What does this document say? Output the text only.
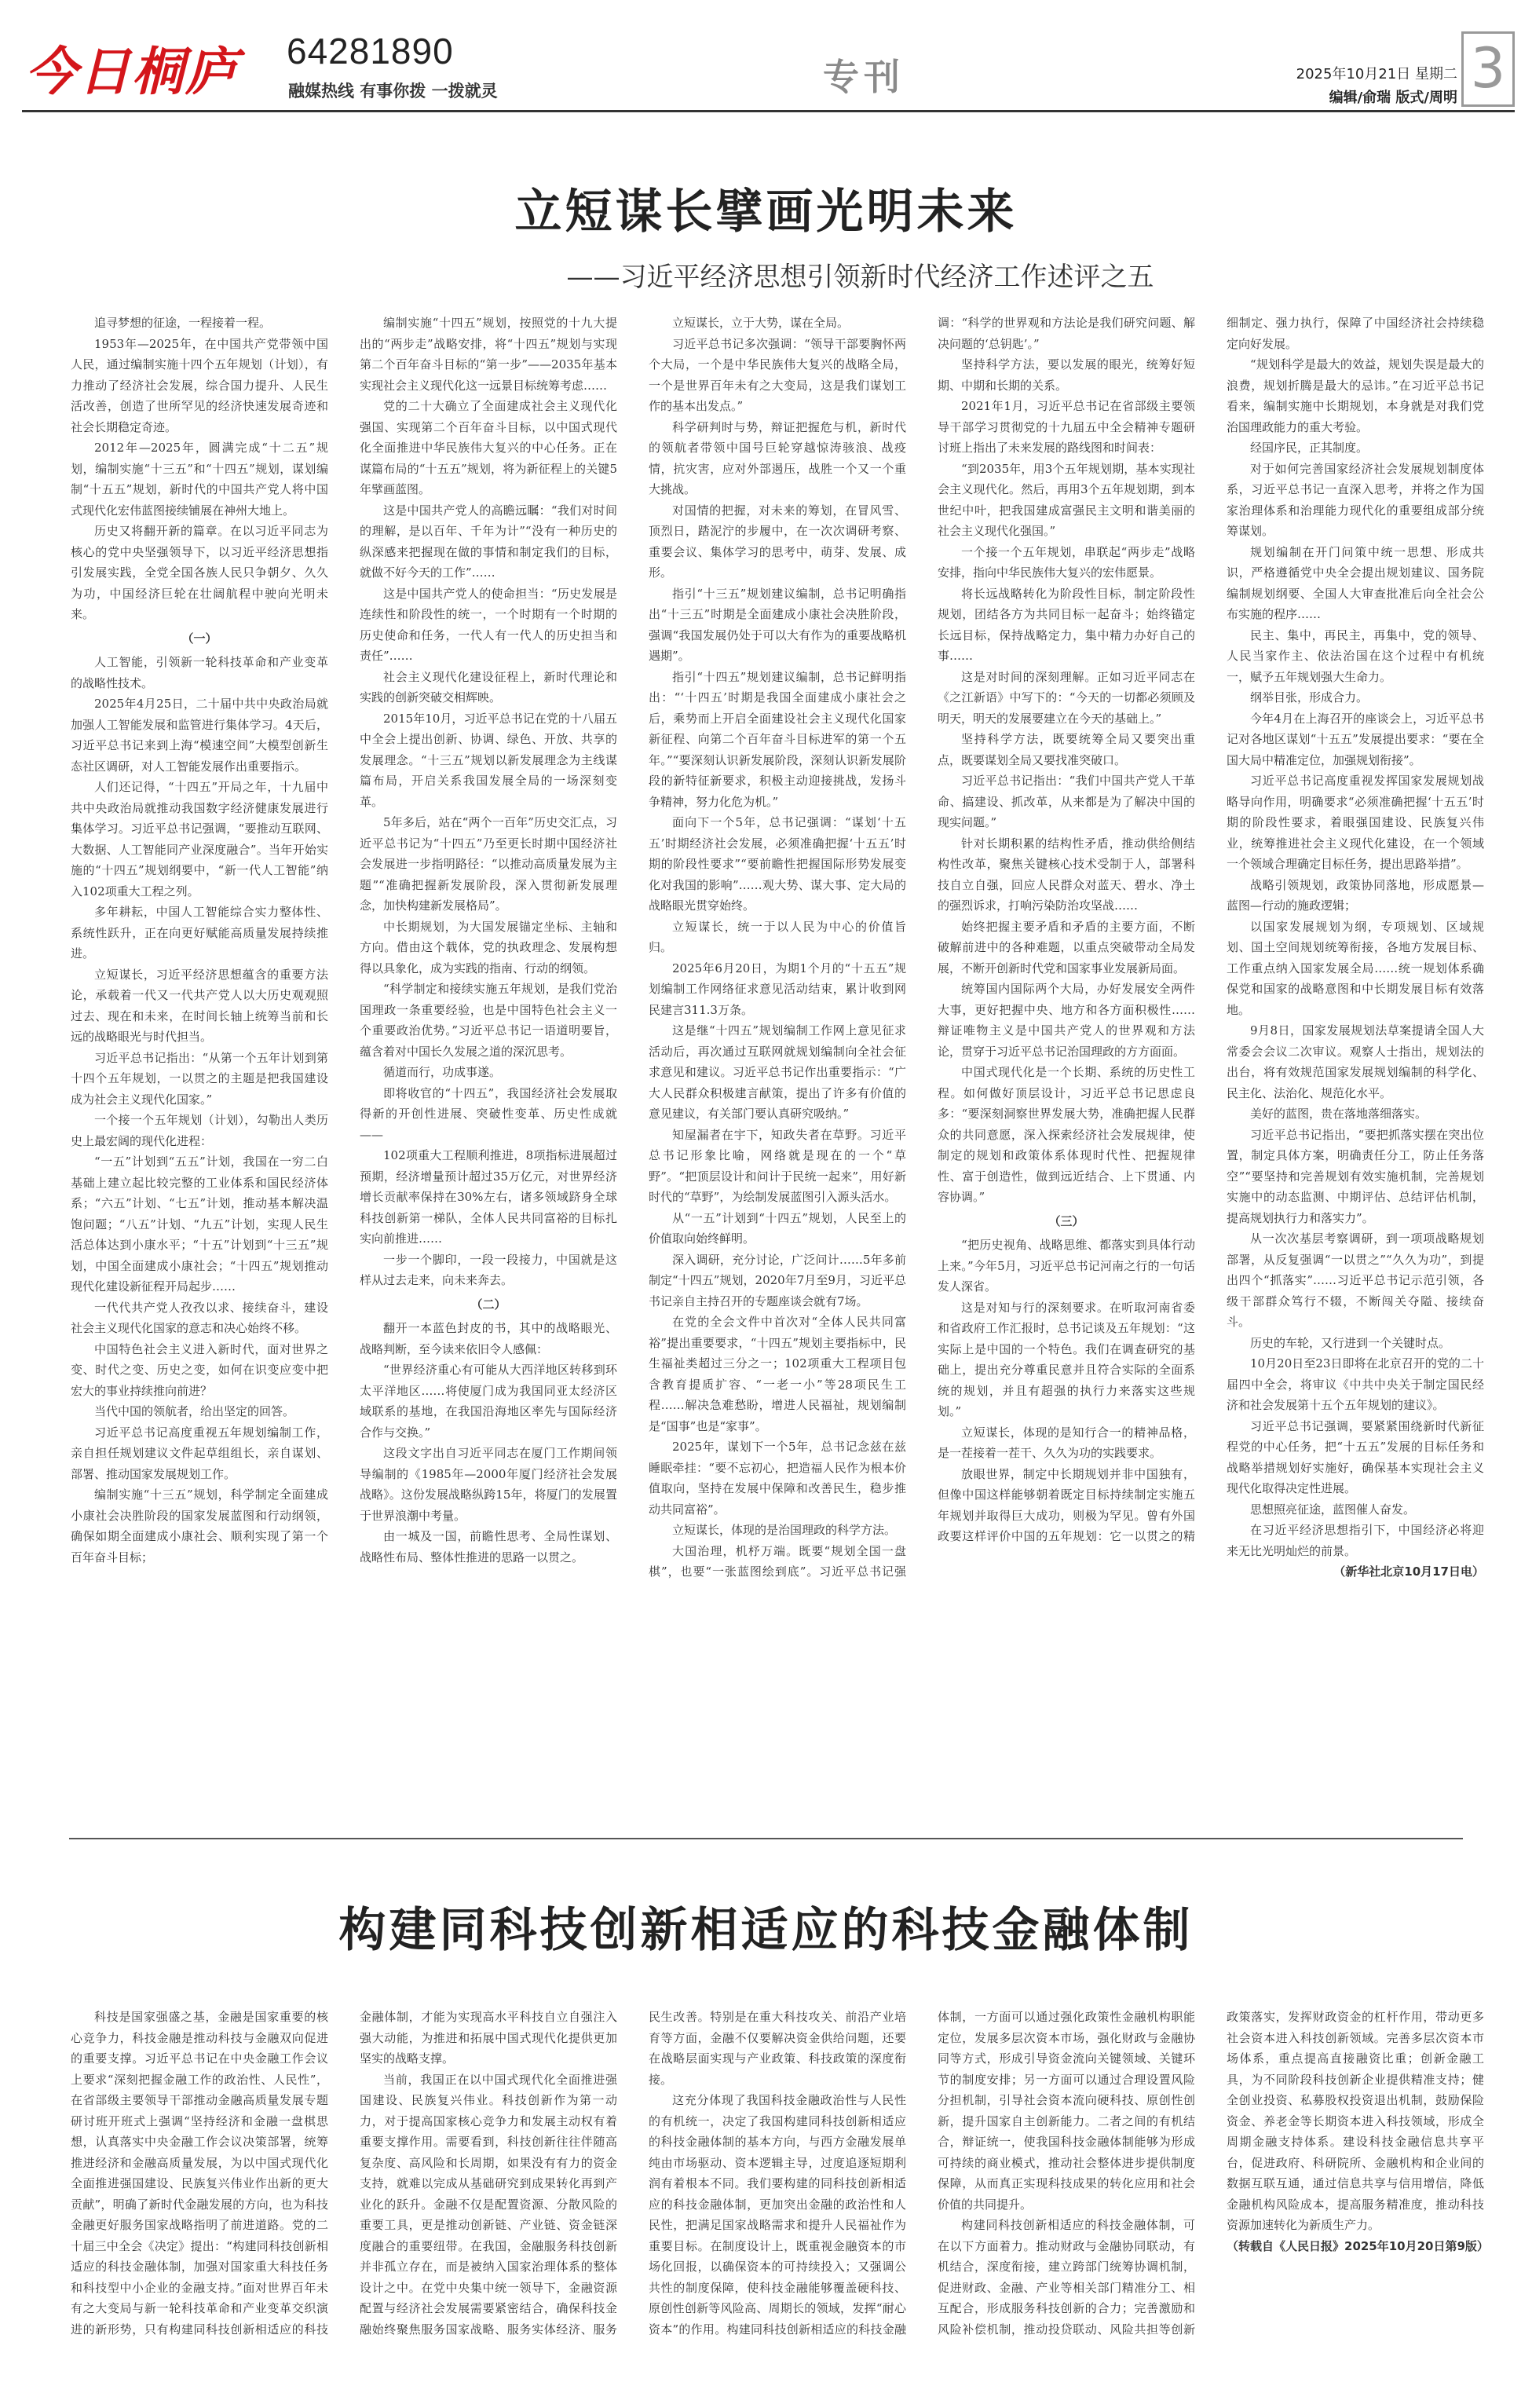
今日桐庐 64281890
融媒热线 有事你拨 一拨就灵	专刊	2025年10月21日 星期二
编辑/俞瑞 版式/周明 3
立短谋长擘画光明未来
——习近平经济思想引领新时代经济工作述评之五

追寻梦想的征途，一程接着一程。

1953年—2025年，在中国共产党带领中国人民，通过编制实施十四个五年规划（计划），有力推动了经济社会发展，综合国力提升、人民生活改善，创造了世所罕见的经济快速发展奇迹和社会长期稳定奇迹。

2012年—2025年，圆满完成“十二五”规划，编制实施“十三五”和“十四五”规划，谋划编制“十五五”规划，新时代的中国共产党人将中国式现代化宏伟蓝图接续铺展在神州大地上。

历史又将翻开新的篇章。在以习近平同志为核心的党中央坚强领导下，以习近平经济思想指引发展实践，全党全国各族人民只争朝夕、久久为功，中国经济巨轮在壮阔航程中驶向光明未来。

（一）

人工智能，引领新一轮科技革命和产业变革的战略性技术。

2025年4月25日，二十届中共中央政治局就加强人工智能发展和监管进行集体学习。4天后，习近平总书记来到上海“模速空间”大模型创新生态社区调研，对人工智能发展作出重要指示。

人们还记得，“十四五”开局之年，十九届中共中央政治局就推动我国数字经济健康发展进行集体学习。习近平总书记强调，“要推动互联网、大数据、人工智能同产业深度融合”。当年开始实施的“十四五”规划纲要中，“新一代人工智能”纳入102项重大工程之列。

多年耕耘，中国人工智能综合实力整体性、系统性跃升，正在向更好赋能高质量发展持续推进。

立短谋长，习近平经济思想蕴含的重要方法论，承载着一代又一代共产党人以大历史观观照过去、现在和未来，在时间长轴上统筹当前和长远的战略眼光与时代担当。

习近平总书记指出：“从第一个五年计划到第十四个五年规划，一以贯之的主题是把我国建设成为社会主义现代化国家。”

一个接一个五年规划（计划），勾勒出人类历史上最宏阔的现代化进程：

“一五”计划到“五五”计划，我国在一穷二白基础上建立起比较完整的工业体系和国民经济体系；“六五”计划、“七五”计划，推动基本解决温饱问题；“八五”计划、“九五”计划，实现人民生活总体达到小康水平；“十五”计划到“十三五”规划，中国全面建成小康社会；“十四五”规划推动现代化建设新征程开局起步……

一代代共产党人孜孜以求、接续奋斗，建设社会主义现代化国家的意志和决心始终不移。

中国特色社会主义进入新时代，面对世界之变、时代之变、历史之变，如何在识变应变中把宏大的事业持续推向前进？

当代中国的领航者，给出坚定的回答。

习近平总书记高度重视五年规划编制工作，亲自担任规划建议文件起草组组长，亲自谋划、部署、推动国家发展规划工作。

编制实施“十三五”规划，科学制定全面建成小康社会决胜阶段的国家发展蓝图和行动纲领，确保如期全面建成小康社会、顺利实现了第一个百年奋斗目标；

编制实施“十四五”规划，按照党的十九大提出的“两步走”战略安排，将“十四五”规划与实现第二个百年奋斗目标的“第一步”——2035年基本实现社会主义现代化这一远景目标统筹考虑……

党的二十大确立了全面建成社会主义现代化强国、实现第二个百年奋斗目标，以中国式现代化全面推进中华民族伟大复兴的中心任务。正在谋篇布局的“十五五”规划，将为新征程上的关键5年擘画蓝图。

这是中国共产党人的高瞻远瞩：“我们对时间的理解，是以百年、千年为计”“没有一种历史的纵深感来把握现在做的事情和制定我们的目标，就做不好今天的工作”……

这是中国共产党人的使命担当：“历史发展是连续性和阶段性的统一，一个时期有一个时期的历史使命和任务，一代人有一代人的历史担当和责任”……

社会主义现代化建设征程上，新时代理论和实践的创新突破交相辉映。

2015年10月，习近平总书记在党的十八届五中全会上提出创新、协调、绿色、开放、共享的发展理念。“十三五”规划以新发展理念为主线谋篇布局，开启关系我国发展全局的一场深刻变革。

5年多后，站在“两个一百年”历史交汇点，习近平总书记为“十四五”乃至更长时期中国经济社会发展进一步指明路径：“以推动高质量发展为主题”“准确把握新发展阶段，深入贯彻新发展理念，加快构建新发展格局”。

中长期规划，为大国发展锚定坐标、主轴和方向。借由这个载体，党的执政理念、发展构想得以具象化，成为实践的指南、行动的纲领。

“科学制定和接续实施五年规划，是我们党治国理政一条重要经验，也是中国特色社会主义一个重要政治优势。”习近平总书记一语道明要旨，蕴含着对中国长久发展之道的深沉思考。

循道而行，功成事遂。

即将收官的“十四五”，我国经济社会发展取得新的开创性进展、突破性变革、历史性成就——

102项重大工程顺利推进，8项指标进展超过预期，经济增量预计超过35万亿元，对世界经济增长贡献率保持在30%左右，诸多领域跻身全球科技创新第一梯队，全体人民共同富裕的目标扎实向前推进……

一步一个脚印，一段一段接力，中国就是这样从过去走来，向未来奔去。

（二）

翻开一本蓝色封皮的书，其中的战略眼光、战略判断，至今读来依旧令人感佩：

“世界经济重心有可能从大西洋地区转移到环太平洋地区……将使厦门成为我国同亚太经济区域联系的基地，在我国沿海地区率先与国际经济合作与交换。”

这段文字出自习近平同志在厦门工作期间领导编制的《1985年—2000年厦门经济社会发展战略》。这份发展战略纵跨15年，将厦门的发展置于世界浪潮中考量。

由一城及一国，前瞻性思考、全局性谋划、战略性布局、整体性推进的思路一以贯之。

立短谋长，立于大势，谋在全局。

习近平总书记多次强调：“领导干部要胸怀两个大局，一个是中华民族伟大复兴的战略全局，一个是世界百年未有之大变局，这是我们谋划工作的基本出发点。”

科学研判时与势，辩证把握危与机，新时代的领航者带领中国号巨轮穿越惊涛骇浪、战疫情，抗灾害，应对外部遏压，战胜一个又一个重大挑战。

对国情的把握，对未来的筹划，在冒风雪、顶烈日，踏泥泞的步履中，在一次次调研考察、重要会议、集体学习的思考中，萌芽、发展、成形。

指引“十三五”规划建议编制，总书记明确指出“十三五”时期是全面建成小康社会决胜阶段，强调“我国发展仍处于可以大有作为的重要战略机遇期”。

指引“十四五”规划建议编制，总书记鲜明指出：“‘十四五’时期是我国全面建成小康社会之后，乘势而上开启全面建设社会主义现代化国家新征程、向第二个百年奋斗目标进军的第一个五年。”“要深刻认识新发展阶段，深刻认识新发展阶段的新特征新要求，积极主动迎接挑战，发扬斗争精神，努力化危为机。”

面向下一个5年，总书记强调：“谋划‘十五五’时期经济社会发展，必须准确把握‘十五五’时期的阶段性要求”“要前瞻性把握国际形势发展变化对我国的影响”……观大势、谋大事、定大局的战略眼光贯穿始终。

立短谋长，统一于以人民为中心的价值旨归。

2025年6月20日，为期1个月的“十五五”规划编制工作网络征求意见活动结束，累计收到网民建言311.3万条。

这是继“十四五”规划编制工作网上意见征求活动后，再次通过互联网就规划编制向全社会征求意见和建议。习近平总书记作出重要指示：“广大人民群众积极建言献策，提出了许多有价值的意见建议，有关部门要认真研究吸纳。”

知屋漏者在宇下，知政失者在草野。习近平总书记形象比喻，网络就是现在的一个“草野”。“把顶层设计和问计于民统一起来”，用好新时代的“草野”，为绘制发展蓝图引入源头活水。

从“一五”计划到“十四五”规划，人民至上的价值取向始终鲜明。

深入调研，充分讨论，广泛问计……5年多前制定“十四五”规划，2020年7月至9月，习近平总书记亲自主持召开的专题座谈会就有7场。

在党的全会文件中首次对“全体人民共同富裕”提出重要要求，“十四五”规划主要指标中，民生福祉类超过三分之一；102项重大工程项目包含教育提质扩容、“一老一小”等28项民生工程……解决急难愁盼，增进人民福祉，规划编制是“国事”也是“家事”。

2025年，谋划下一个5年，总书记念兹在兹睡眠牵挂：“要不忘初心，把造福人民作为根本价值取向，坚持在发展中保障和改善民生，稳步推动共同富裕”。

立短谋长，体现的是治国理政的科学方法。

大国治理，机杼万端。既要“规划全国一盘棋”，也要“一张蓝图绘到底”。习近平总书记强调：“科学的世界观和方法论是我们研究问题、解决问题的‘总钥匙’。”

坚持科学方法，要以发展的眼光，统筹好短期、中期和长期的关系。

2021年1月，习近平总书记在省部级主要领导干部学习贯彻党的十九届五中全会精神专题研讨班上指出了未来发展的路线图和时间表：

“到2035年，用3个五年规划期，基本实现社会主义现代化。然后，再用3个五年规划期，到本世纪中叶，把我国建成富强民主文明和谐美丽的社会主义现代化强国。”

一个接一个五年规划，串联起“两步走”战略安排，指向中华民族伟大复兴的宏伟愿景。

将长远战略转化为阶段性目标，制定阶段性规划，团结各方为共同目标一起奋斗；始终锚定长远目标，保持战略定力，集中精力办好自己的事……

这是对时间的深刻理解。正如习近平同志在《之江新语》中写下的：“今天的一切都必须顾及明天，明天的发展要建立在今天的基础上。”

坚持科学方法，既要统筹全局又要突出重点，既要谋划全局又要找准突破口。

习近平总书记指出：“我们中国共产党人干革命、搞建设、抓改革，从来都是为了解决中国的现实问题。”

针对长期积累的结构性矛盾，推动供给侧结构性改革，聚焦关键核心技术受制于人，部署科技自立自强，回应人民群众对蓝天、碧水、净土的强烈诉求，打响污染防治攻坚战……

始终把握主要矛盾和矛盾的主要方面，不断破解前进中的各种难题，以重点突破带动全局发展，不断开创新时代党和国家事业发展新局面。

统筹国内国际两个大局，办好发展安全两件大事，更好把握中央、地方和各方面积极性……辩证唯物主义是中国共产党人的世界观和方法论，贯穿于习近平总书记治国理政的方方面面。

中国式现代化是一个长期、系统的历史性工程。如何做好顶层设计，习近平总书记思虑良多：“要深刻洞察世界发展大势，准确把握人民群众的共同意愿，深入探索经济社会发展规律，使制定的规划和政策体系体现时代性、把握规律性、富于创造性，做到远近结合、上下贯通、内容协调。”

（三）

“把历史视角、战略思维、都落实到具体行动上来。”今年5月，习近平总书记河南之行的一句话发人深省。

这是对知与行的深刻要求。在听取河南省委和省政府工作汇报时，总书记谈及五年规划：“这实际上是中国的一个特色。我们在调查研究的基础上，提出充分尊重民意并且符合实际的全面系统的规划，并且有超强的执行力来落实这些规划。”

立短谋长，体现的是知行合一的精神品格，是一茬接着一茬干、久久为功的实践要求。

放眼世界，制定中长期规划并非中国独有，但像中国这样能够朝着既定目标持续制定实施五年规划并取得巨大成功，则极为罕见。曾有外国政要这样评价中国的五年规划：它一以贯之的精细制定、强力执行，保障了中国经济社会持续稳定向好发展。

“规划科学是最大的效益，规划失误是最大的浪费，规划折腾是最大的忌讳。”在习近平总书记看来，编制实施中长期规划，本身就是对我们党治国理政能力的重大考验。

经国序民，正其制度。

对于如何完善国家经济社会发展规划制度体系，习近平总书记一直深入思考，并将之作为国家治理体系和治理能力现代化的重要组成部分统筹谋划。

规划编制在开门问策中统一思想、形成共识，严格遵循党中央全会提出规划建议、国务院编制规划纲要、全国人大审查批准后向全社会公布实施的程序……

民主、集中，再民主，再集中，党的领导、人民当家作主、依法治国在这个过程中有机统一，赋予五年规划强大生命力。

纲举目张，形成合力。

今年4月在上海召开的座谈会上，习近平总书记对各地区谋划“十五五”发展提出要求：“要在全国大局中精准定位，加强规划衔接”。

习近平总书记高度重视发挥国家发展规划战略导向作用，明确要求“必须准确把握‘十五五’时期的阶段性要求，着眼强国建设、民族复兴伟业，统筹推进社会主义现代化建设，在一个领域一个领域合理确定目标任务，提出思路举措”。

战略引领规划，政策协同落地，形成愿景—蓝图—行动的施政逻辑；

以国家发展规划为纲，专项规划、区域规划、国土空间规划统筹衔接，各地方发展目标、工作重点纳入国家发展全局……统一规划体系确保党和国家的战略意图和中长期发展目标有效落地。

9月8日，国家发展规划法草案提请全国人大常委会会议二次审议。观察人士指出，规划法的出台，将有效规范国家发展规划编制的科学化、民主化、法治化、规范化水平。

美好的蓝图，贵在落地落细落实。

习近平总书记指出，“要把抓落实摆在突出位置，制定具体方案，明确责任分工，防止任务落空”“要坚持和完善规划有效实施机制，完善规划实施中的动态监测、中期评估、总结评估机制，提高规划执行力和落实力”。

从一次次基层考察调研，到一项项战略规划部署，从反复强调“一以贯之”“久久为功”，到提出四个“抓落实”……习近平总书记示范引领，各级干部群众笃行不辍，不断闯关夺隘、接续奋斗。

历史的车轮，又行进到一个关键时点。

10月20日至23日即将在北京召开的党的二十届四中全会，将审议《中共中央关于制定国民经济和社会发展第十五个五年规划的建议》。

习近平总书记强调，要紧紧围绕新时代新征程党的中心任务，把“十五五”发展的目标任务和战略举措规划好实施好，确保基本实现社会主义现代化取得决定性进展。

思想照亮征途，蓝图催人奋发。

在习近平经济思想指引下，中国经济必将迎来无比光明灿烂的前景。

（新华社北京10月17日电）

构建同科技创新相适应的科技金融体制

科技是国家强盛之基，金融是国家重要的核心竞争力，科技金融是推动科技与金融双向促进的重要支撑。习近平总书记在中央金融工作会议上要求“深刻把握金融工作的政治性、人民性”，在省部级主要领导干部推动金融高质量发展专题研讨班开班式上强调“坚持经济和金融一盘棋思想，认真落实中央金融工作会议决策部署，统筹推进经济和金融高质量发展，为以中国式现代化全面推进强国建设、民族复兴伟业作出新的更大贡献”，明确了新时代金融发展的方向，也为科技金融更好服务国家战略指明了前进道路。党的二十届三中全会《决定》提出：“构建同科技创新相适应的科技金融体制，加强对国家重大科技任务和科技型中小企业的金融支持。”面对世界百年未有之大变局与新一轮科技革命和产业变革交织演进的新形势，只有构建同科技创新相适应的科技金融体制，才能为实现高水平科技自立自强注入强大动能，为推进和拓展中国式现代化提供更加坚实的战略支撑。

当前，我国正在以中国式现代化全面推进强国建设、民族复兴伟业。科技创新作为第一动力，对于提高国家核心竞争力和发展主动权有着重要支撑作用。需要看到，科技创新往往伴随高复杂度、高风险和长周期，如果没有有力的资金支持，就难以完成从基础研究到成果转化再到产业化的跃升。金融不仅是配置资源、分散风险的重要工具，更是推动创新链、产业链、资金链深度融合的重要纽带。在我国，金融服务科技创新并非孤立存在，而是被纳入国家治理体系的整体设计之中。在党中央集中统一领导下，金融资源配置与经济社会发展需要紧密结合，确保科技金融始终聚焦服务国家战略、服务实体经济、服务民生改善。特别是在重大科技攻关、前沿产业培育等方面，金融不仅要解决资金供给问题，还要在战略层面实现与产业政策、科技政策的深度衔接。

这充分体现了我国科技金融政治性与人民性的有机统一，决定了我国构建同科技创新相适应的科技金融体制的基本方向，与西方金融发展单纯由市场驱动、资本逻辑主导，过度追逐短期利润有着根本不同。我们要构建的同科技创新相适应的科技金融体制，更加突出金融的政治性和人民性，把满足国家战略需求和提升人民福祉作为重要目标。在制度设计上，既重视金融资本的市场化回报，以确保资本的可持续投入；又强调公共性的制度保障，使科技金融能够覆盖硬科技、原创性创新等风险高、周期长的领域，发挥“耐心资本”的作用。构建同科技创新相适应的科技金融体制，一方面可以通过强化政策性金融机构职能定位，发展多层次资本市场，强化财政与金融协同等方式，形成引导资金流向关键领域、关键环节的制度安排；另一方面可以通过合理设置风险分担机制，引导社会资本流向硬科技、原创性创新，提升国家自主创新能力。二者之间的有机结合，辩证统一，使我国科技金融体制能够为形成可持续的商业模式，推动社会整体进步提供制度保障，从而真正实现科技成果的转化应用和社会价值的共同提升。

构建同科技创新相适应的科技金融体制，可在以下方面着力。推动财政与金融协同联动，有机结合，深度衔接，建立跨部门统筹协调机制，促进财政、金融、产业等相关部门精准分工、相互配合，形成服务科技创新的合力；完善激励和风险补偿机制，推动投贷联动、风险共担等创新政策落实，发挥财政资金的杠杆作用，带动更多社会资本进入科技创新领域。完善多层次资本市场体系，重点提高直接融资比重；创新金融工具，为不同阶段科技创新企业提供精准支持；健全创业投资、私募股权投资退出机制，鼓励保险资金、养老金等长期资本进入科技领域，形成全周期金融支持体系。建设科技金融信息共享平台，促进政府、科研院所、金融机构和企业间的数据互联互通，通过信息共享与信用增信，降低金融机构风险成本，提高服务精准度，推动科技资源加速转化为新质生产力。

（转载自《人民日报》2025年10月20日第9版）
